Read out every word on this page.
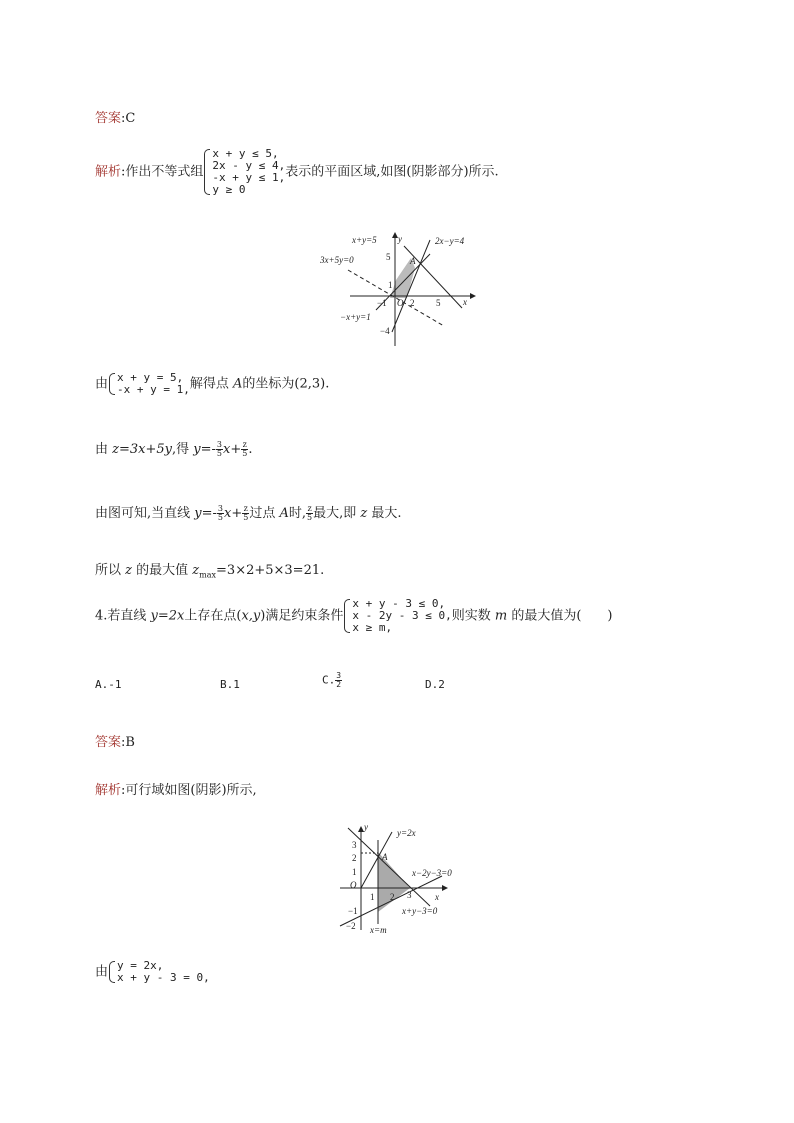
答案:C
解析:作出不等式组
x + y ≤ 5,
2x - y ≤ 4,
-x + y ≤ 1,
y ≥ 0
表示的平面区域,如图(阴影部分)所示.
x+y=5	2x−y=4
3x+5y=0
−x+y=1
y
x
A
O
5
1
−4
−1	2 5
由 x + y = 5,
-x + y = 1, 解得点 A的坐标为(2,3).
由 z=3x+5y,得 $y=- \frac{3}{5} x+ \frac{z}{5}$ .
由图可知,当直线 $y=- \frac{3}{5} x+ \frac{z}{5}$ 过点 A时, $\frac{z}{5}$ 最大,即 z 最大.
所以 z 的最大值 $z_{max}=3\times 2+5\times 3=21$.
4.若直线 y=2x上存在点(x,y)满足约束条件
x + y - 3 ≤ 0,
x - 2y - 3 ≤ 0,
x ≥ m,
则实数 m 的最大值为(　　)
A.-1	B.1	C. $\frac{3}{2}$	D.2
答案:B
解析:可行域如图(阴影)所示,
y=2x
x−2y−3=0
x+y−3=0
x=m
y
x
A
O
3
2
1
−1
−2
1 2 3
由 y = 2x,
x + y - 3 = 0,
